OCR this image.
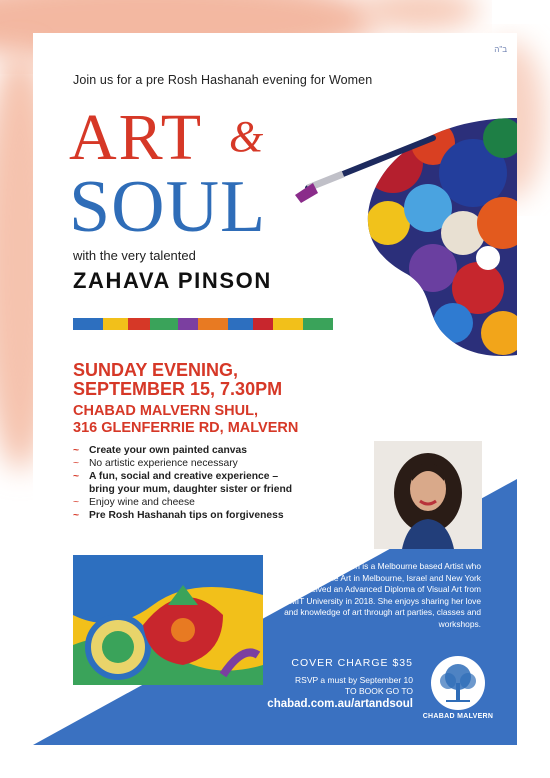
ב"ה
Join us for a pre Rosh Hashanah evening for Women
ART &
SOUL
with the very talented
ZAHAVA PINSON
SUNDAY EVENING,
SEPTEMBER 15, 7.30PM
CHABAD MALVERN SHUL,
316 GLENFERRIE RD, MALVERN
~ Create your own painted canvas
~ No artistic experience necessary
~ A fun, social and creative experience –
bring your mum, daughter sister or friend
~ Enjoy wine and cheese
~ Pre Rosh Hashanah tips on forgiveness
Zahava Pinson is a Melbourne based Artist who studied Fine Art in Melbourne, Israel and New York and received an Advanced Diploma of Visual Art from RMIT University in 2018. She enjoys sharing her love and knowledge of art through art parties, classes and workshops.
COVER CHARGE $35
RSVP a must by September 10
TO BOOK GO TO
chabad.com.au/artandsoul
CHABAD MALVERN
